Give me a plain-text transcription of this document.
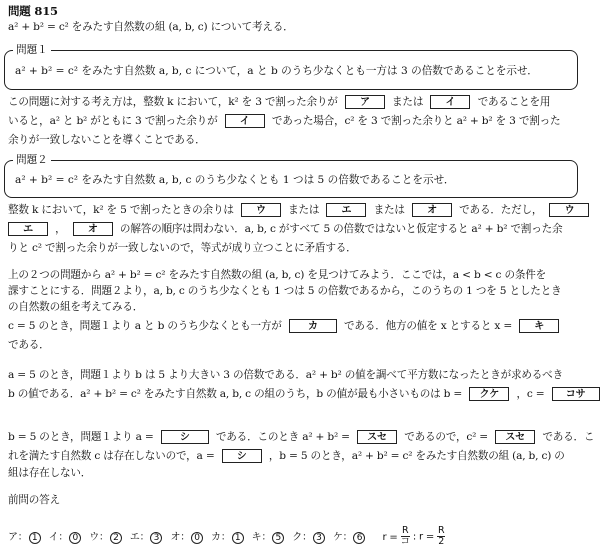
問題 815
a² + b² = c² をみたす自然数の組 (a, b, c) について考える．
問題１
a² + b² = c² をみたす自然数 a, b, c について，a と b のうち少なくとも一方は 3 の倍数であることを示せ．
この問題に対する考え方は，整数 k において，k² を 3 で割った余りが ア または イ であることを用
いると，a² と b² がともに 3 で割った余りが イ であった場合，c² を 3 で割った余りと a² + b² を 3 で割った
余りが一致しないことを導くことである．
問題２
a² + b² = c² をみたす自然数 a, b, c のうち少なくとも 1 つは 5 の倍数であることを示せ．
整数 k において，k² を 5 で割ったときの余りは ウ または エ または オ である．ただし， ウ
エ ， オ の解答の順序は問わない．a, b, c がすべて 5 の倍数ではないと仮定すると a² + b² で割った余
りと c² で割った余りが一致しないので，等式が成り立つことに矛盾する．
上の２つの問題から a² + b² = c² をみたす自然数の組 (a, b, c) を見つけてみよう．ここでは，a < b < c の条件を
課すことにする．問題２より，a, b, c のうち少なくとも 1 つは 5 の倍数であるから，このうちの 1 つを 5 としたとき
の自然数の組を考えてみる．
c = 5 のとき，問題１より a と b のうち少なくとも一方が	カ である．他方の値を x とすると x = キ
である．
a = 5 のとき，問題１より b は 5 より大きい 3 の倍数である．a² + b² の値を調べて平方数になったときが求めるべき
b の値である．a² + b² = c² をみたす自然数 a, b, c の組のうち，b の値が最も小さいものは b = クケ ，c = コサ
b = 5 のとき，問題１より a =	シ である．このとき a² + b² = スセ であるので，c² = スセ である．こ
れを満たす自然数 c は存在しないので，a = シ ，b = 5 のとき，a² + b² = c² をみたす自然数の組 (a, b, c) の
組は存在しない．
前問の答え
ア： 1 イ： 0 ウ： 2 エ： 3 オ： 0 カ： 1 キ： 5 ク： 3 ケ： 6 $r = \frac{R}{\text{コ}}$ : $r = \frac{R}{2}$
